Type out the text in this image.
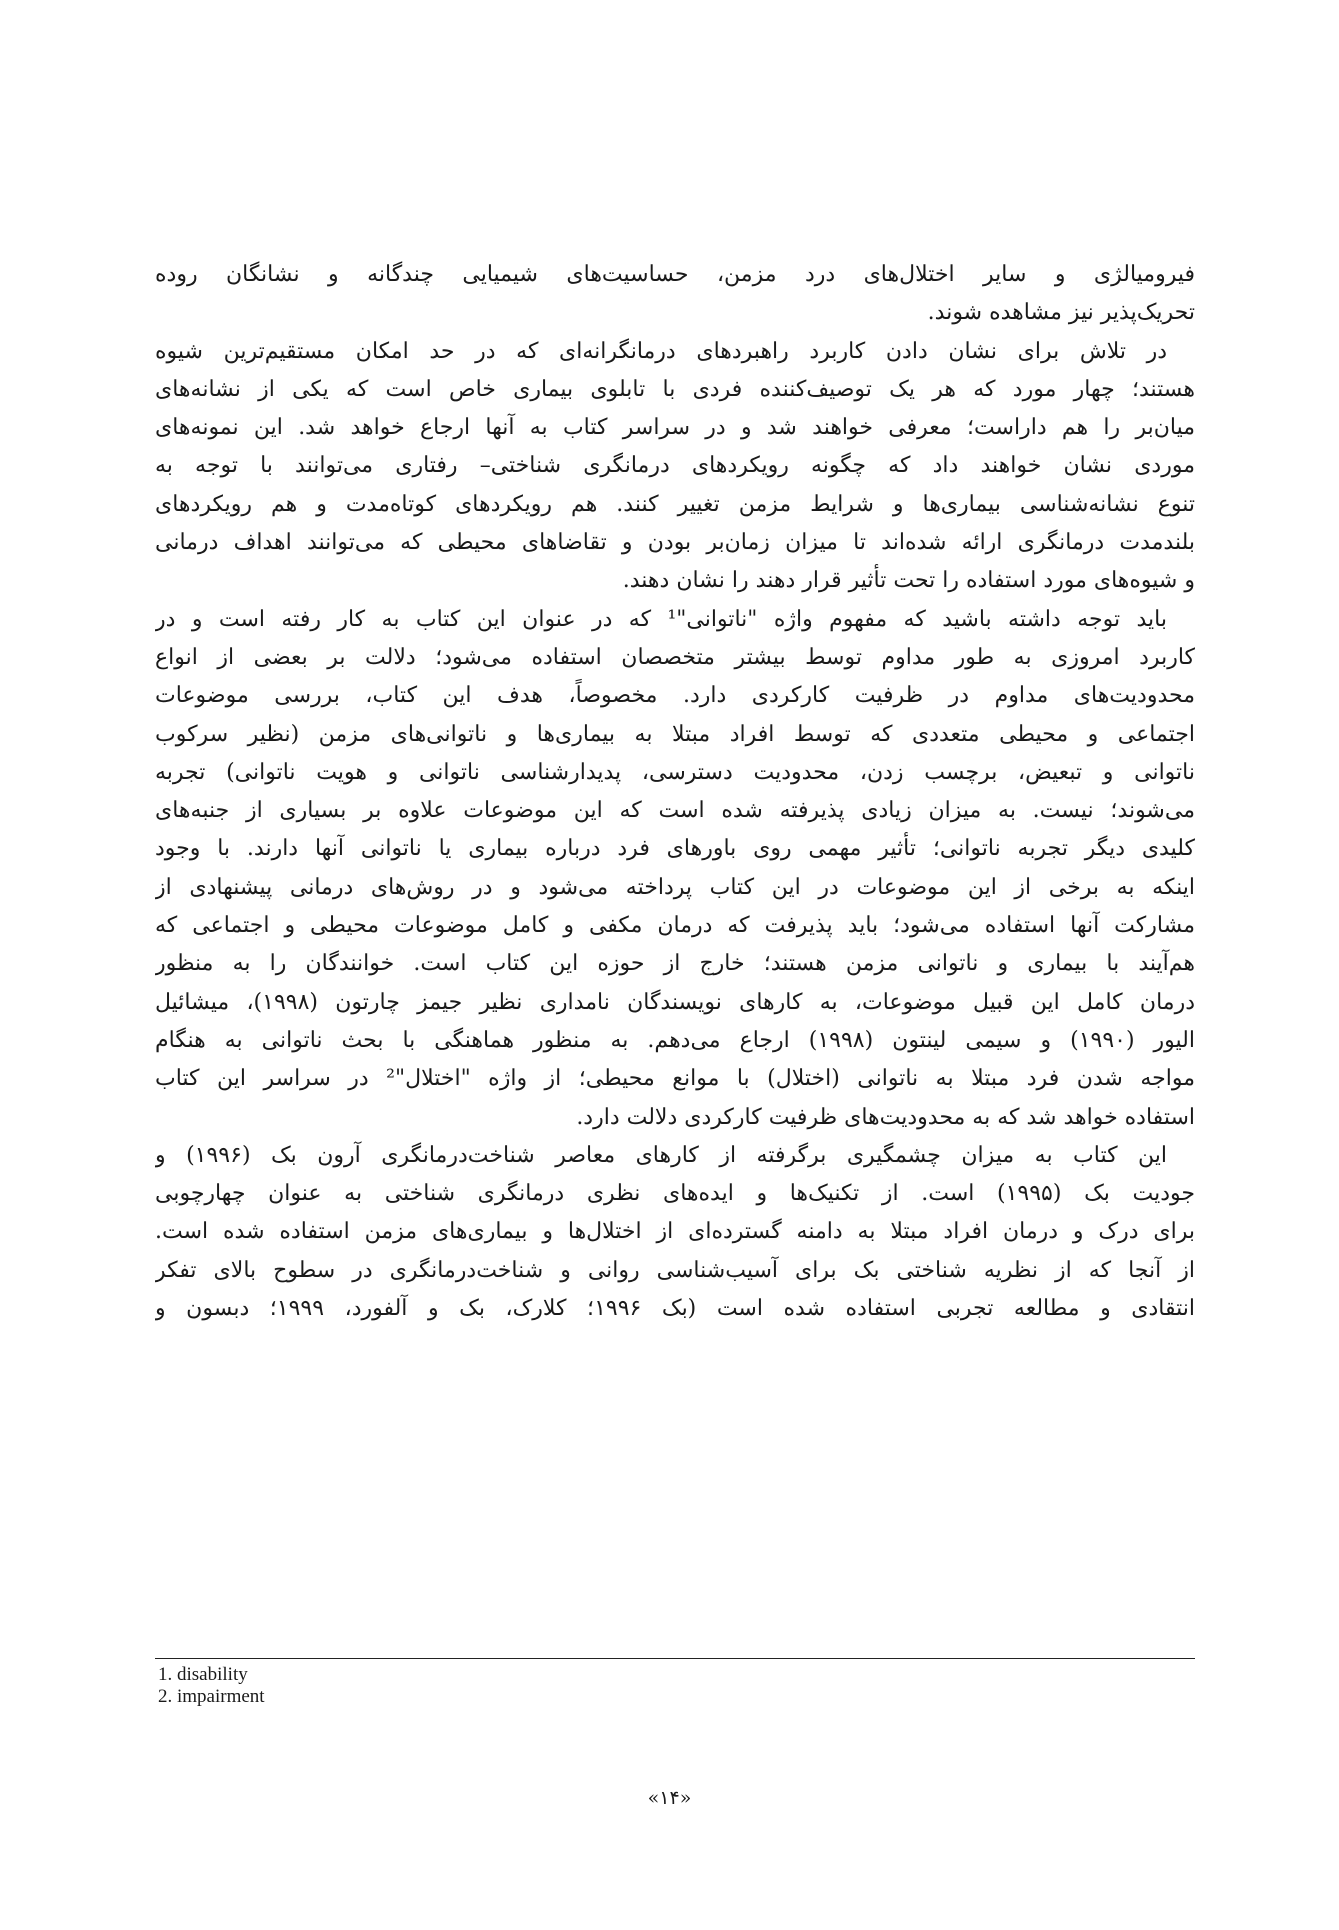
فیرومیالژی و سایر اختلال‌های درد مزمن، حساسیت‌های شیمیایی چندگانه و نشانگان روده
تحریک‌پذیر نیز مشاهده شوند.
در تلاش برای نشان دادن کاربرد راهبردهای درمانگرانه‌ای که در حد امکان مستقیم‌ترین شیوه
هستند؛ چهار مورد که هر یک توصیف‌کننده فردی با تابلوی بیماری خاص است که یکی از نشانه‌های
میان‌بر را هم داراست؛ معرفی خواهند شد و در سراسر کتاب به آنها ارجاع خواهد شد. این نمونه‌های
موردی نشان خواهند داد که چگونه رویکردهای درمانگری شناختی– رفتاری می‌توانند با توجه به
تنوع نشانه‌شناسی بیماری‌ها و شرایط مزمن تغییر کنند. هم رویکردهای کوتاه‌مدت و هم رویکردهای
بلندمدت درمانگری ارائه شده‌اند تا میزان زمان‌بر بودن و تقاضاهای محیطی که می‌توانند اهداف درمانی
و شیوه‌های مورد استفاده را تحت تأثیر قرار دهند را نشان دهند.
باید توجه داشته باشید که مفهوم واژه "ناتوانی"¹ که در عنوان این کتاب به کار رفته است و در
کاربرد امروزی به طور مداوم توسط بیشتر متخصصان استفاده می‌شود؛ دلالت بر بعضی از انواع
محدودیت‌های مداوم در ظرفیت کارکردی دارد. مخصوصاً، هدف این کتاب، بررسی موضوعات
اجتماعی و محیطی متعددی که توسط افراد مبتلا به بیماری‌ها و ناتوانی‌های مزمن (نظیر سرکوب
ناتوانی و تبعیض، برچسب زدن، محدودیت دسترسی، پدیدارشناسی ناتوانی و هویت ناتوانی) تجربه
می‌شوند؛ نیست. به میزان زیادی پذیرفته شده است که این موضوعات علاوه بر بسیاری از جنبه‌های
کلیدی دیگر تجربه ناتوانی؛ تأثیر مهمی روی باورهای فرد درباره بیماری یا ناتوانی آنها دارند. با وجود
اینکه به برخی از این موضوعات در این کتاب پرداخته می‌شود و در روش‌های درمانی پیشنهادی از
مشارکت آنها استفاده می‌شود؛ باید پذیرفت که درمان مکفی و کامل موضوعات محیطی و اجتماعی که
هم‌آیند با بیماری و ناتوانی مزمن هستند؛ خارج از حوزه این کتاب است. خوانندگان را به منظور
درمان کامل این قبیل موضوعات، به کارهای نویسندگان نامداری نظیر جیمز چارتون (۱۹۹۸)، میشائیل
الیور (۱۹۹۰) و سیمی لینتون (۱۹۹۸) ارجاع می‌دهم. به منظور هماهنگی با بحث ناتوانی به هنگام
مواجه شدن فرد مبتلا به ناتوانی (اختلال) با موانع محیطی؛ از واژه "اختلال"² در سراسر این کتاب
استفاده خواهد شد که به محدودیت‌های ظرفیت کارکردی دلالت دارد.
این کتاب به میزان چشمگیری برگرفته از کارهای معاصر شناخت‌درمانگری آرون بک (۱۹۹۶) و
جودیت بک (۱۹۹۵) است. از تکنیک‌ها و ایده‌های نظری درمانگری شناختی به عنوان چهارچوبی
برای درک و درمان افراد مبتلا به دامنه گسترده‌ای از اختلال‌ها و بیماری‌های مزمن استفاده شده است.
از آنجا که از نظریه شناختی بک برای آسیب‌شناسی روانی و شناخت‌درمانگری در سطوح بالای تفکر
انتقادی و مطالعه تجربی استفاده شده است (بک ۱۹۹۶؛ کلارک، بک و آلفورد، ۱۹۹۹؛ دبسون و
1. disability
2. impairment
«۱۴»
